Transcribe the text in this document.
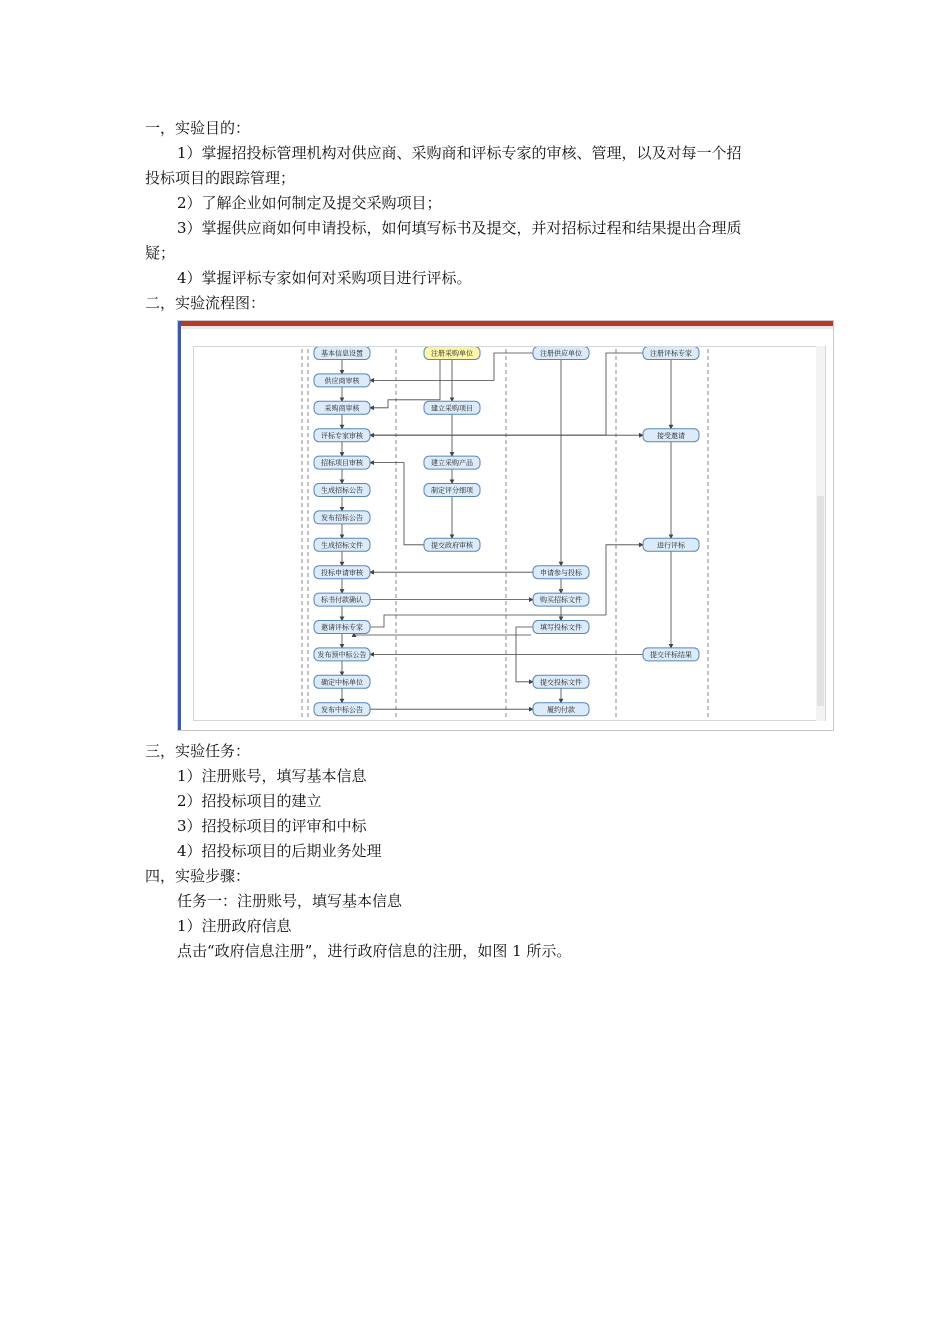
一，实验目的：
1）掌握招投标管理机构对供应商、采购商和评标专家的审核、管理，以及对每一个招
投标项目的跟踪管理；
2）了解企业如何制定及提交采购项目；
3）掌握供应商如何申请投标，如何填写标书及提交，并对招标过程和结果提出合理质
疑；
4）掌握评标专家如何对采购项目进行评标。
二，实验流程图：
基本信息设置
供应商审核
采购商审核
评标专家审核
招标项目审核
生成招标公告
发布招标公告
生成招标文件
投标申请审核
标书付款确认
邀请评标专家
发布预中标公告
确定中标单位
发布中标公告
注册采购单位
建立采购项目
建立采购产品
制定评分细项
提交政府审核
注册供应单位
申请参与投标
购买招标文件
填写投标文件
提交投标文件
履约付款
注册评标专家
接受邀请
进行评标
提交评标结果
三，实验任务：
1）注册账号，填写基本信息
2）招投标项目的建立
3）招投标项目的评审和中标
4）招投标项目的后期业务处理
四，实验步骤：
任务一：注册账号，填写基本信息
1）注册政府信息
点击“政府信息注册”，进行政府信息的注册，如图 1 所示。
